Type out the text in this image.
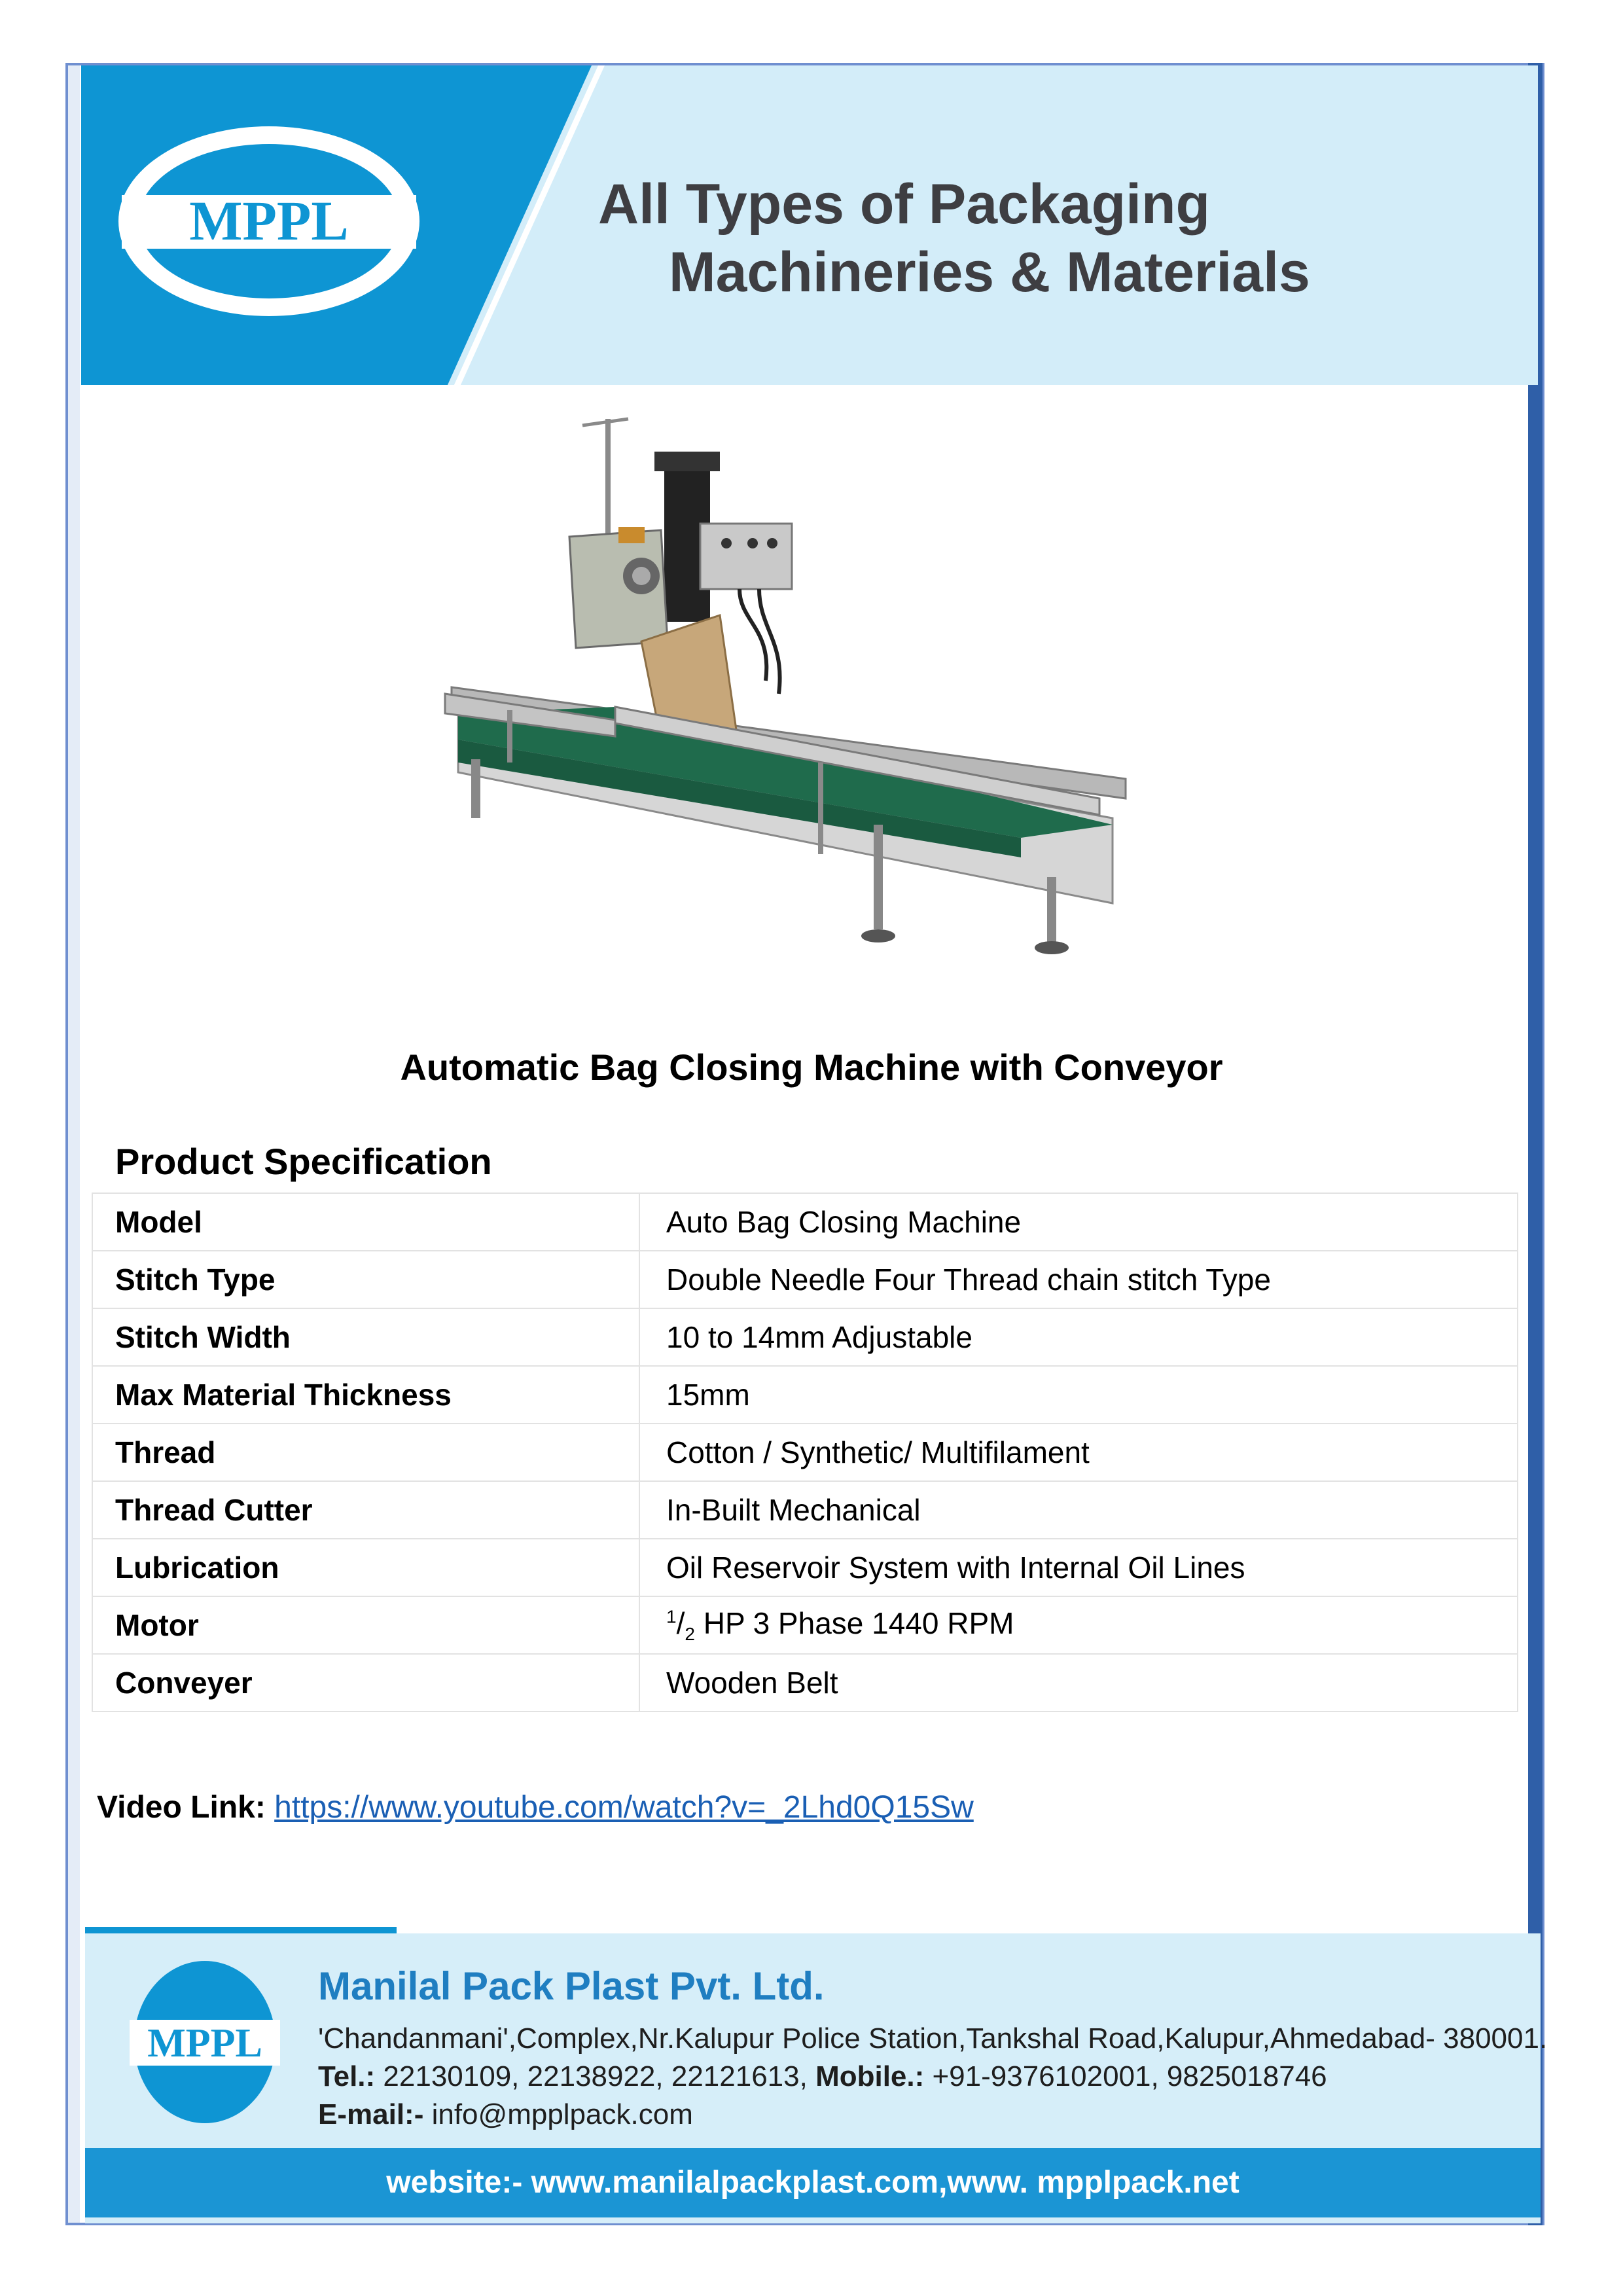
MPPL	All Types of Packaging
Machineries & Materials
Automatic Bag Closing Machine with Conveyor
Product Specification
Model	Auto Bag Closing Machine
Stitch Type	Double Needle Four Thread chain stitch Type
Stitch Width	10 to 14mm Adjustable
Max Material Thickness	15mm
Thread	Cotton / Synthetic/ Multifilament
Thread Cutter	In-Built Mechanical
Lubrication	Oil Reservoir System with Internal Oil Lines
Motor	$^1/_2$ HP 3 Phase 1440 RPM
Conveyer	Wooden Belt
Video Link: https://www.youtube.com/watch?v=_2Lhd0Q15Sw
MPPL
Manilal Pack Plast Pvt. Ltd.
'Chandanmani',Complex,Nr.Kalupur Police Station,Tankshal Road,Kalupur,Ahmedabad- 380001.
Tel.: 22130109, 22138922, 22121613, Mobile.: +91-9376102001, 9825018746
E-mail:- info@mpplpack.com
website:- www.manilalpackplast.com,www. mpplpack.net
